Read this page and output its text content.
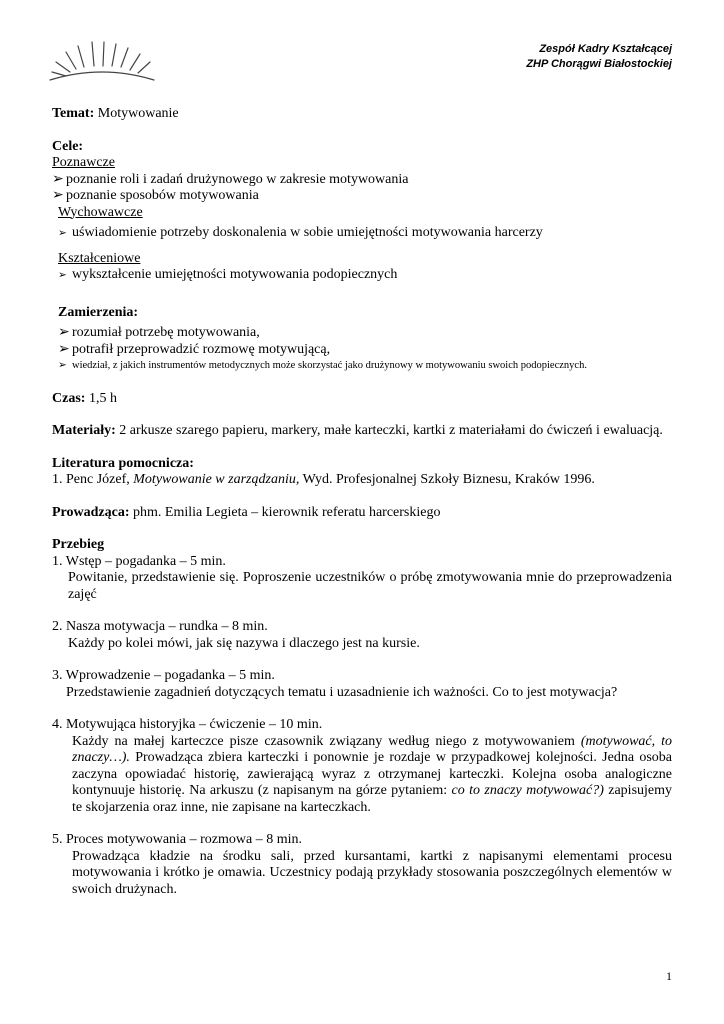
Zespół Kadry Kształcącej
ZHP Chorągwi Białostockiej
Temat: Motywowanie
Cele:
Poznawcze
➢ poznanie roli i zadań drużynowego w zakresie motywowania
➢ poznanie sposobów motywowania
Wychowawcze
➢ uświadomienie potrzeby doskonalenia w sobie umiejętności motywowania harcerzy
Kształceniowe
➢ wykształcenie umiejętności motywowania podopiecznych
Zamierzenia:
➢ rozumiał potrzebę motywowania,
➢ potrafił przeprowadzić rozmowę motywującą,
➢ wiedział, z jakich instrumentów metodycznych może skorzystać jako drużynowy w motywowaniu swoich podopiecznych.
Czas: 1,5 h
Materiały: 2 arkusze szarego papieru, markery, małe karteczki, kartki z materiałami do ćwiczeń i ewaluacją.
Literatura pomocnicza:
1. Penc Józef, Motywowanie w zarządzaniu, Wyd. Profesjonalnej Szkoły Biznesu, Kraków 1996.
Prowadząca: phm. Emilia Legieta – kierownik referatu harcerskiego
Przebieg
1. Wstęp – pogadanka – 5 min.
Powitanie, przedstawienie się. Poproszenie uczestników o próbę zmotywowania mnie do przeprowadzenia zajęć
2. Nasza motywacja – rundka – 8 min.
Każdy po kolei mówi, jak się nazywa i dlaczego jest na kursie.
3. Wprowadzenie – pogadanka – 5 min.
Przedstawienie zagadnień dotyczących tematu i uzasadnienie ich ważności. Co to jest motywacja?
4. Motywująca historyjka – ćwiczenie – 10 min.
Każdy na małej karteczce pisze czasownik związany według niego z motywowaniem (motywować, to znaczy…). Prowadząca zbiera karteczki i ponownie je rozdaje w przypadkowej kolejności. Jedna osoba zaczyna opowiadać historię, zawierającą wyraz z otrzymanej karteczki. Kolejna osoba analogiczne kontynuuje historię. Na arkuszu (z napisanym na górze pytaniem: co to znaczy motywować?) zapisujemy te skojarzenia oraz inne, nie zapisane na karteczkach.
5. Proces motywowania – rozmowa – 8 min.
Prowadząca kładzie na środku sali, przed kursantami, kartki z napisanymi elementami procesu motywowania i krótko je omawia. Uczestnicy podają przykłady stosowania poszczególnych elementów w swoich drużynach.
1
